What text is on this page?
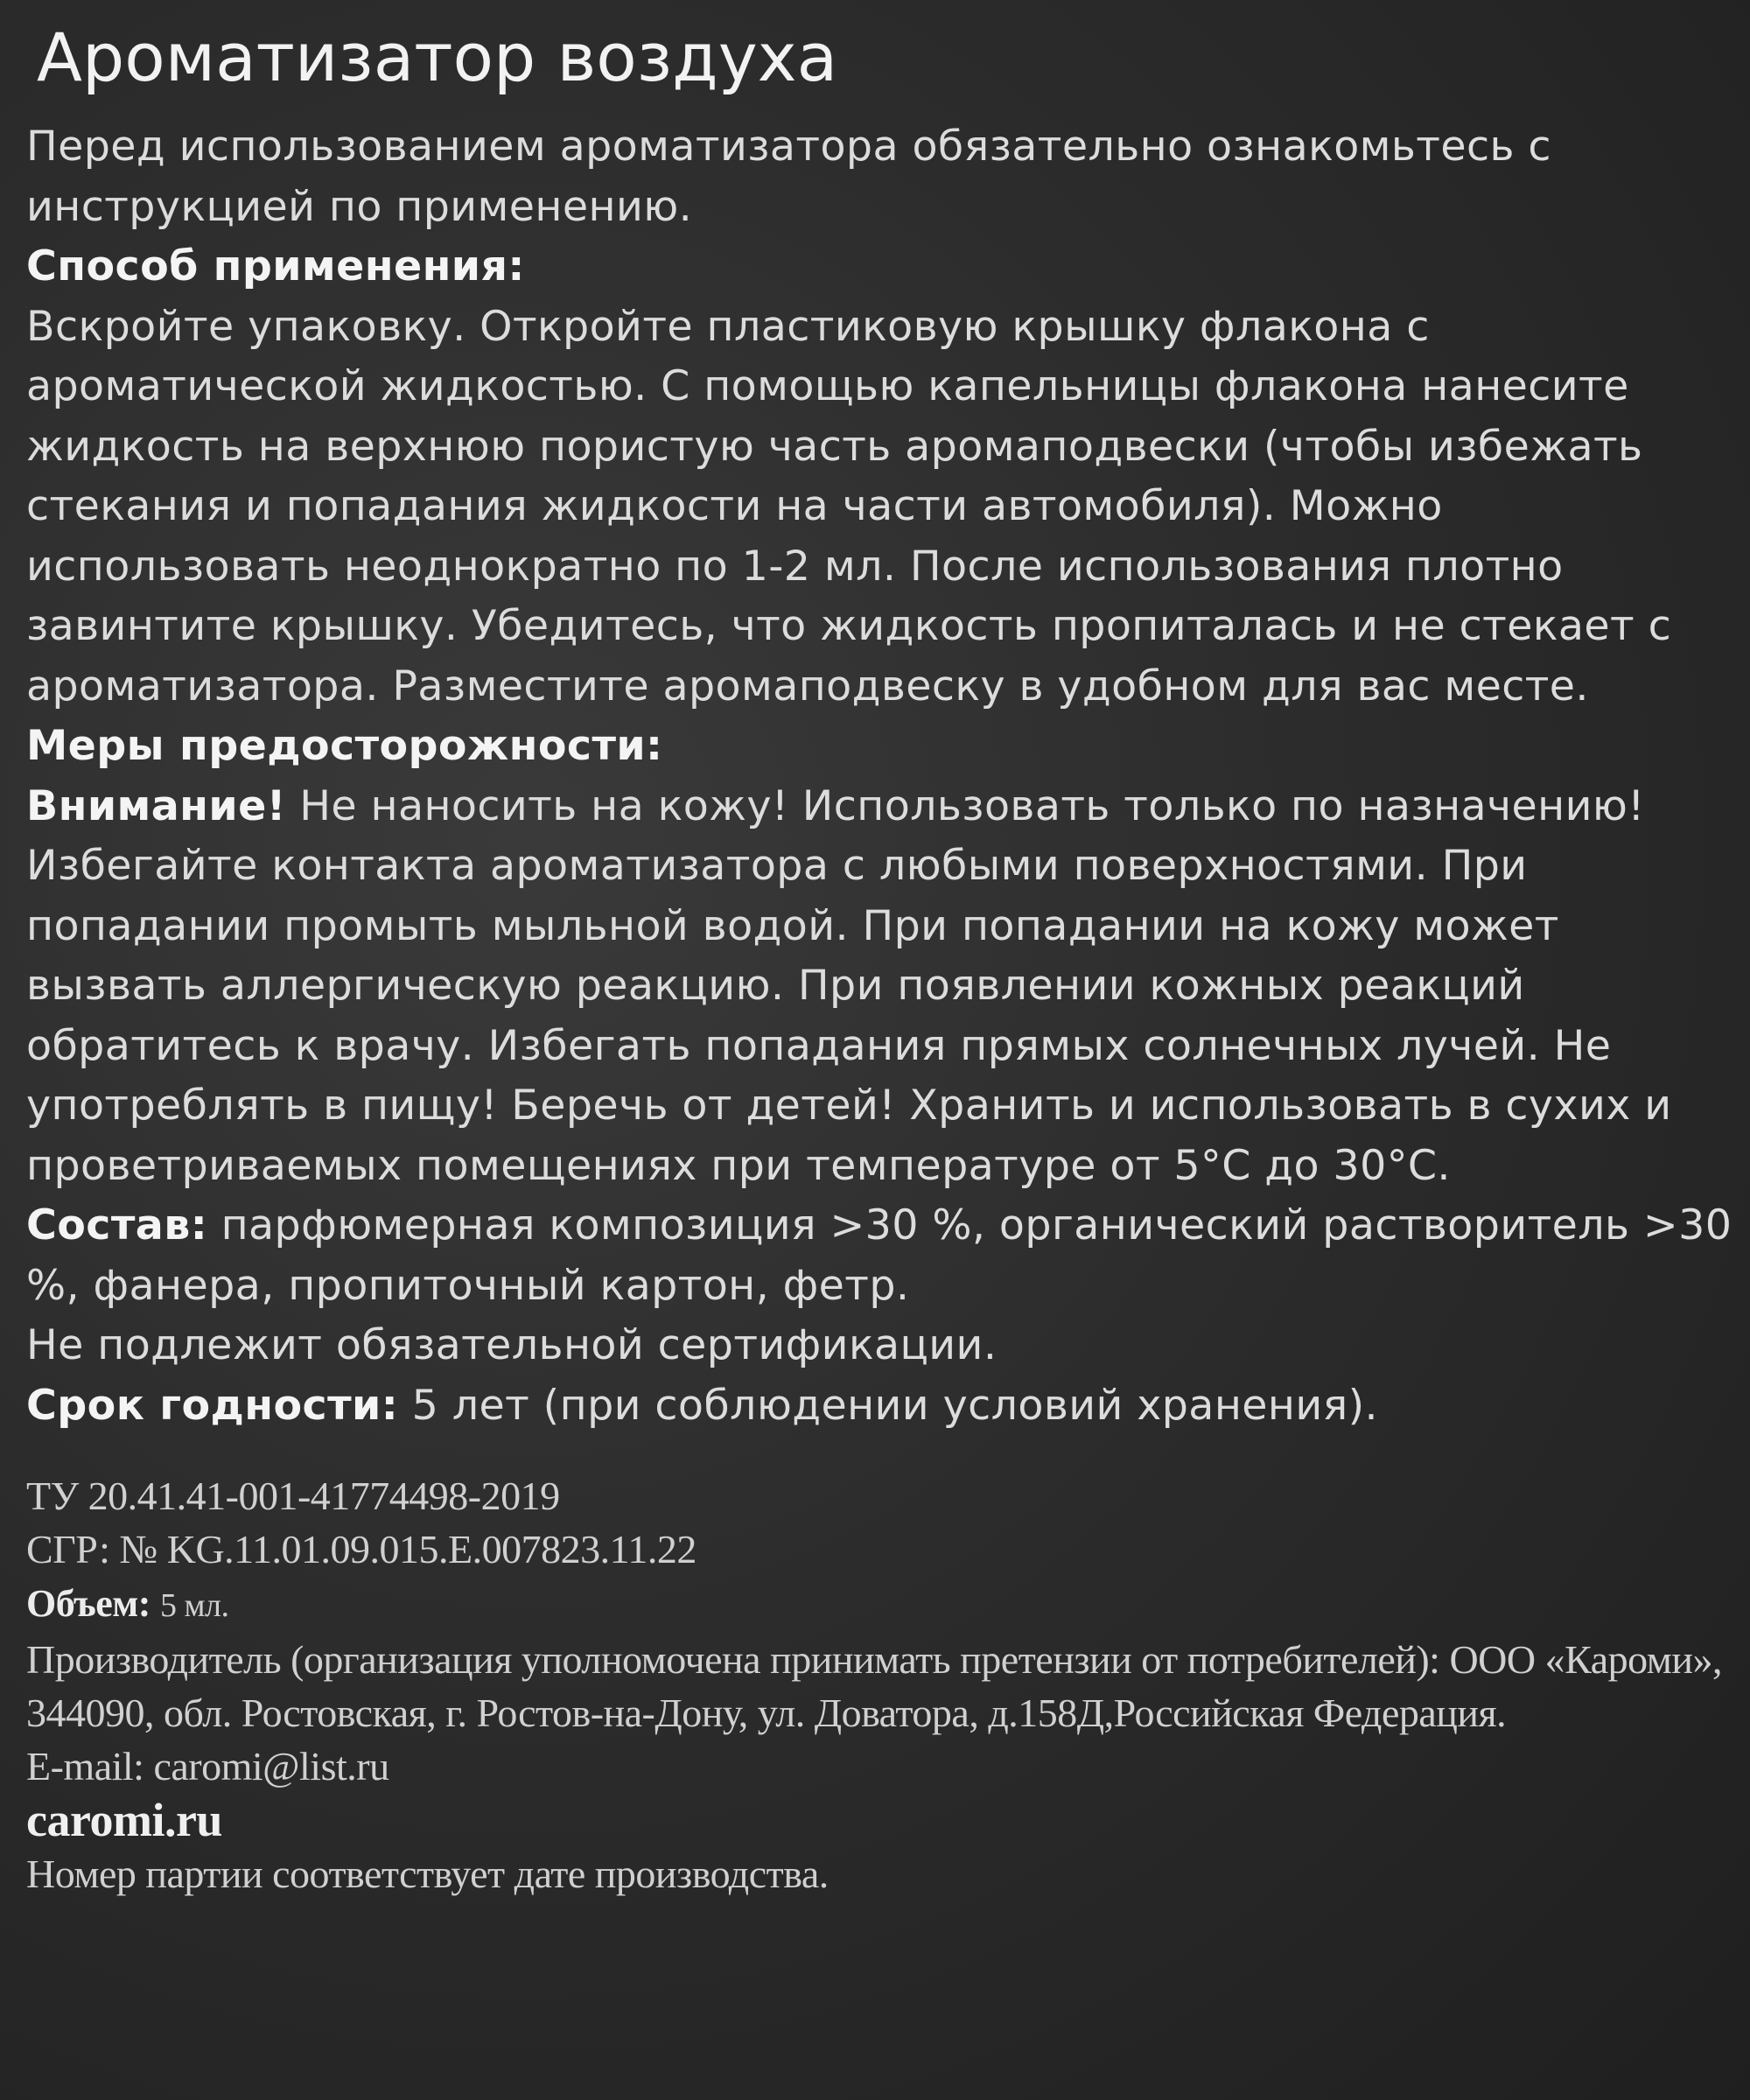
Ароматизатор воздуха

Перед использованием ароматизатора обязательно ознакомьтесь с инструкцией по применению.

Способ применения:

Вскройте упаковку. Откройте пластиковую крышку флакона с ароматической жидкостью. С помощью капельницы флакона нанесите жидкость на верхнюю пористую часть аромаподвески (чтобы избежать стекания и попадания жидкости на части автомобиля). Можно использовать неоднократно по 1-2 мл. После использования плотно завинтите крышку. Убедитесь, что жидкость пропиталась и не стекает с ароматизатора. Разместите аромаподвеску в удобном для вас месте.

Меры предосторожности:

Внимание! Не наносить на кожу! Использовать только по назначению! Избегайте контакта ароматизатора с любыми поверхностями. При попадании промыть мыльной водой. При попадании на кожу может вызвать аллергическую реакцию. При появлении кожных реакций обратитесь к врачу. Избегать попадания прямых солнечных лучей. Не употреблять в пищу! Беречь от детей! Хранить и использовать в сухих и проветриваемых помещениях при температуре от 5°С до 30°С.

Состав: парфюмерная композиция >30 %, органический растворитель >30 %, фанера, пропиточный картон, фетр.

Не подлежит обязательной сертификации.

Срок годности: 5 лет (при соблюдении условий хранения).

ТУ 20.41.41-001-41774498-2019

СГР: № KG.11.01.09.015.Е.007823.11.22

Объем: 5 мл.

Производитель (организация уполномочена принимать претензии от потребителей): ООО «Кароми», 344090, обл. Ростовская, г. Ростов-на-Дону, ул. Доватора, д.158Д,Российская Федерация.

E-mail: caromi@list.ru

caromi.ru

Номер партии соответствует дате производства.
